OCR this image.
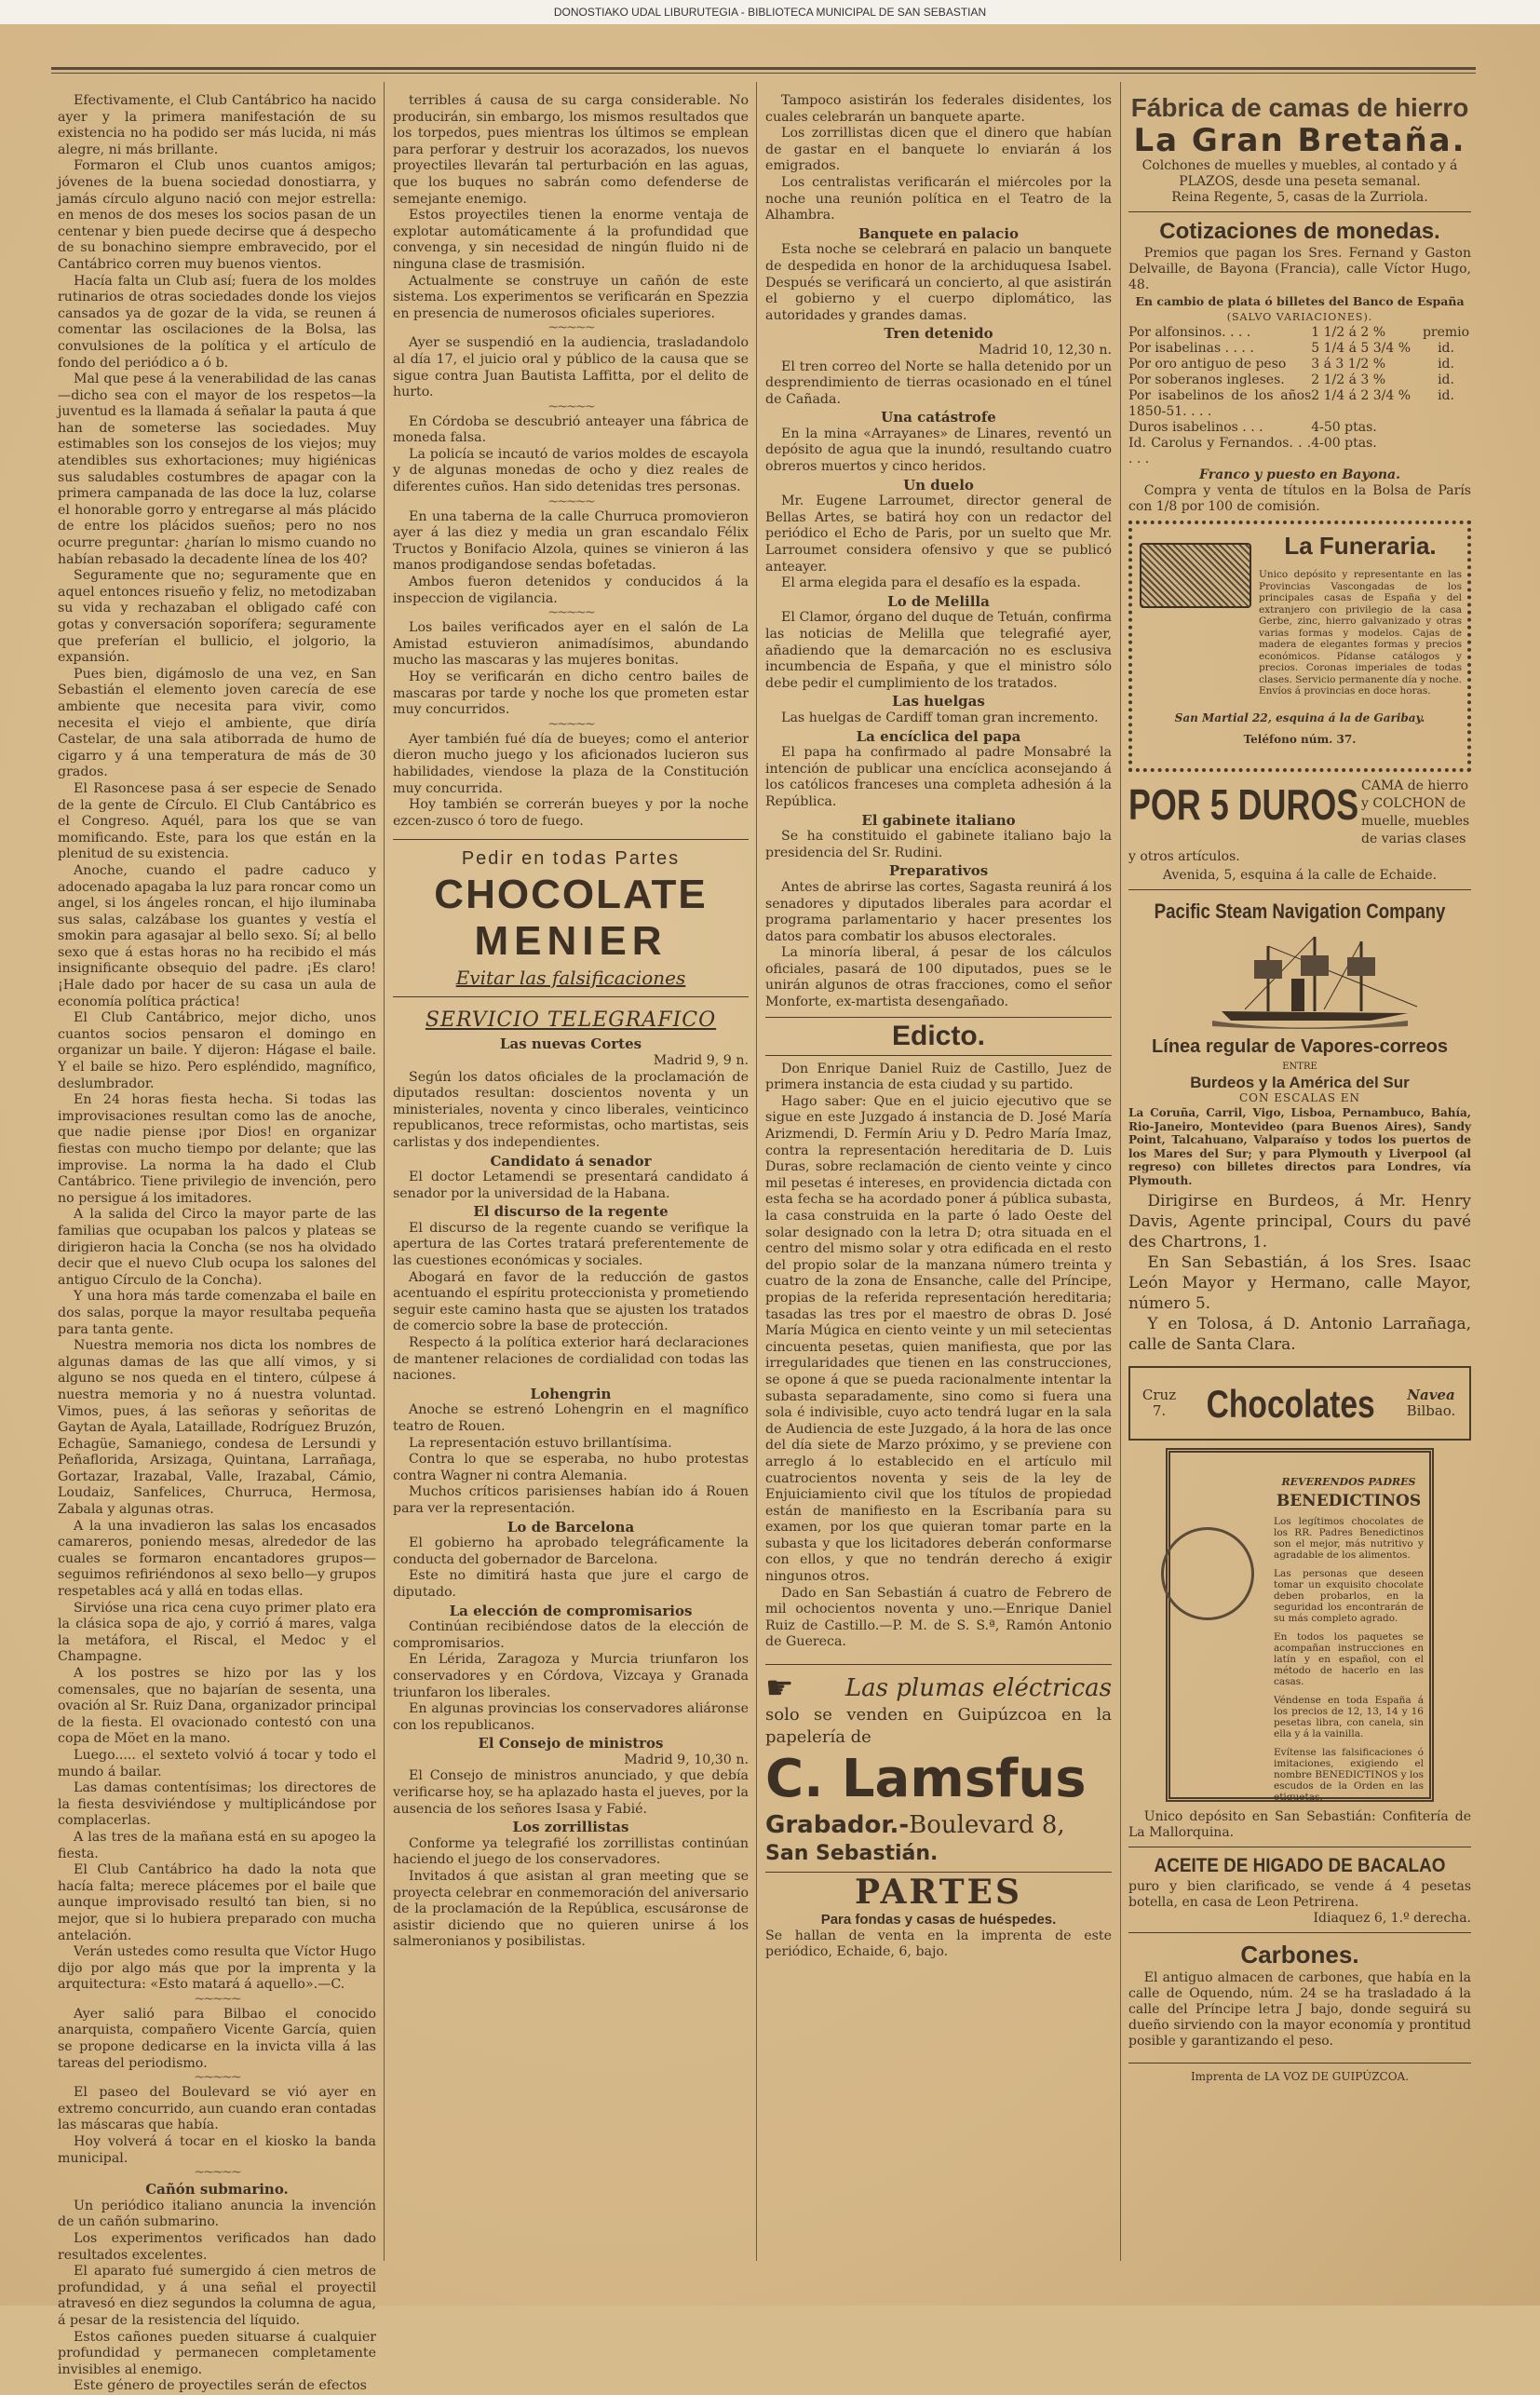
DONOSTIAKO UDAL LIBURUTEGIA - BIBLIOTECA MUNICIPAL DE SAN SEBASTIAN

Efectivamente, el Club Cantábrico ha nacido ayer y la primera manifestación de su existencia no ha podido ser más lucida, ni más alegre, ni más brillante.

Formaron el Club unos cuantos amigos; jóvenes de la buena sociedad donostiarra, y jamás círculo alguno nació con mejor estrella: en menos de dos meses los socios pasan de un centenar y bien puede decirse que á despecho de su bonachino siempre embravecido, por el Cantábrico corren muy buenos vientos.

Hacía falta un Club así; fuera de los moldes rutinarios de otras sociedades donde los viejos cansados ya de gozar de la vida, se reunen á comentar las oscilaciones de la Bolsa, las convulsiones de la política y el artículo de fondo del periódico a ó b.

Mal que pese á la venerabilidad de las canas —dicho sea con el mayor de los respetos—la juventud es la llamada á señalar la pauta á que han de someterse las sociedades. Muy estimables son los consejos de los viejos; muy atendibles sus exhortaciones; muy higiénicas sus saludables costumbres de apagar con la primera campanada de las doce la luz, colarse el honorable gorro y entregarse al más plácido de entre los plácidos sueños; pero no nos ocurre preguntar: ¿harían lo mismo cuando no habían rebasado la decadente línea de los 40?

Seguramente que no; seguramente que en aquel entonces risueño y feliz, no metodizaban su vida y rechazaban el obligado café con gotas y conversación soporífera; seguramente que preferían el bullicio, el jolgorio, la expansión.

Pues bien, digámoslo de una vez, en San Sebastián el elemento joven carecía de ese ambiente que necesita para vivir, como necesita el viejo el ambiente, que diría Castelar, de una sala atiborrada de humo de cigarro y á una temperatura de más de 30 grados.

El Rasoncese pasa á ser especie de Senado de la gente de Círculo. El Club Cantábrico es el Congreso. Aquél, para los que se van momificando. Este, para los que están en la plenitud de su existencia.

Anoche, cuando el padre caduco y adocenado apagaba la luz para roncar como un angel, si los ángeles roncan, el hijo iluminaba sus salas, calzábase los guantes y vestía el smokin para agasajar al bello sexo. Sí; al bello sexo que á estas horas no ha recibido el más insignificante obsequio del padre. ¡Es claro! ¡Hale dado por hacer de su casa un aula de economía política práctica!

El Club Cantábrico, mejor dicho, unos cuantos socios pensaron el domingo en organizar un baile. Y dijeron: Hágase el baile. Y el baile se hizo. Pero espléndido, magnífico, deslumbrador.

En 24 horas fiesta hecha. Si todas las improvisaciones resultan como las de anoche, que nadie piense ¡por Dios! en organizar fiestas con mucho tiempo por delante; que las improvise. La norma la ha dado el Club Cantábrico. Tiene privilegio de invención, pero no persigue á los imitadores.

A la salida del Circo la mayor parte de las familias que ocupaban los palcos y plateas se dirigieron hacia la Concha (se nos ha olvidado decir que el nuevo Club ocupa los salones del antiguo Círculo de la Concha).

Y una hora más tarde comenzaba el baile en dos salas, porque la mayor resultaba pequeña para tanta gente.

Nuestra memoria nos dicta los nombres de algunas damas de las que allí vimos, y si alguno se nos queda en el tintero, cúlpese á nuestra memoria y no á nuestra voluntad. Vimos, pues, á las señoras y señoritas de Gaytan de Ayala, Lataillade, Rodríguez Bruzón, Echagüe, Samaniego, condesa de Lersundi y Peñaflorida, Arsizaga, Quintana, Larrañaga, Gortazar, Irazabal, Valle, Irazabal, Cámio, Loudaiz, Sanfelices, Churruca, Hermosa, Zabala y algunas otras.

A la una invadieron las salas los encasados camareros, poniendo mesas, alrededor de las cuales se formaron encantadores grupos—seguimos refiriéndonos al sexo bello—y grupos respetables acá y allá en todas ellas.

Sirvióse una rica cena cuyo primer plato era la clásica sopa de ajo, y corrió á mares, valga la metáfora, el Riscal, el Medoc y el Champagne.

A los postres se hizo por las y los comensales, que no bajarían de sesenta, una ovación al Sr. Ruiz Dana, organizador principal de la fiesta. El ovacionado contestó con una copa de Möet en la mano.

Luego..... el sexteto volvió á tocar y todo el mundo á bailar.

Las damas contentísimas; los directores de la fiesta desviviéndose y multiplicándose por complacerlas.

A las tres de la mañana está en su apogeo la fiesta.

El Club Cantábrico ha dado la nota que hacía falta; merece plácemes por el baile que aunque improvisado resultó tan bien, si no mejor, que si lo hubiera preparado con mucha antelación.

Verán ustedes como resulta que Víctor Hugo dijo por algo más que por la imprenta y la arquitectura: «Esto matará á aquello».—C.

~~~~~

Ayer salió para Bilbao el conocido anarquista, compañero Vicente García, quien se propone dedicarse en la invicta villa á las tareas del periodismo.

~~~~~

El paseo del Boulevard se vió ayer en extremo concurrido, aun cuando eran contadas las máscaras que había.

Hoy volverá á tocar en el kiosko la banda municipal.

~~~~~

Cañón submarino.

Un periódico italiano anuncia la invención de un cañón submarino.

Los experimentos verificados han dado resultados excelentes.

El aparato fué sumergido á cien metros de profundidad, y á una señal el proyectil atravesó en diez segundos la columna de agua, á pesar de la resistencia del líquido.

Estos cañones pueden situarse á cualquier profundidad y permanecen completamente invisibles al enemigo.

Este género de proyectiles serán de efectos

terribles á causa de su carga considerable. No producirán, sin embargo, los mismos resultados que los torpedos, pues mientras los últimos se emplean para perforar y destruir los acorazados, los nuevos proyectiles llevarán tal perturbación en las aguas, que los buques no sabrán como defenderse de semejante enemigo.

Estos proyectiles tienen la enorme ventaja de explotar automáticamente á la profundidad que convenga, y sin necesidad de ningún fluido ni de ninguna clase de trasmisión.

Actualmente se construye un cañón de este sistema. Los experimentos se verificarán en Spezzia en presencia de numerosos oficiales superiores.

~~~~~

Ayer se suspendió en la audiencia, trasladandolo al día 17, el juicio oral y público de la causa que se sigue contra Juan Bautista Laffitta, por el delito de hurto.

~~~~~

En Córdoba se descubrió anteayer una fábrica de moneda falsa.

La policía se incautó de varios moldes de escayola y de algunas monedas de ocho y diez reales de diferentes cuños. Han sido detenidas tres personas.

~~~~~

En una taberna de la calle Churruca promovieron ayer á las diez y media un gran escandalo Félix Tructos y Bonifacio Alzola, quines se vinieron á las manos prodigandose sendas bofetadas.

Ambos fueron detenidos y conducidos á la inspeccion de vigilancia.

~~~~~

Los bailes verificados ayer en el salón de La Amistad estuvieron animadísimos, abundando mucho las mascaras y las mujeres bonitas.

Hoy se verificarán en dicho centro bailes de mascaras por tarde y noche los que prometen estar muy concurridos.

~~~~~

Ayer también fué día de bueyes; como el anterior dieron mucho juego y los aficionados lucieron sus habilidades, viendose la plaza de la Constitución muy concurrida.

Hoy también se correrán bueyes y por la noche ezcen-zusco ó toro de fuego.

Pedir en todas Partes
CHOCOLATE
MENIER
Evitar las falsificaciones

SERVICIO TELEGRAFICO

Las nuevas Cortes

Madrid 9, 9 n.

Según los datos oficiales de la proclamación de diputados resultan: doscientos noventa y un ministeriales, noventa y cinco liberales, veinticinco republicanos, trece reformistas, ocho martistas, seis carlistas y dos independientes.

Candidato á senador

El doctor Letamendi se presentará candidato á senador por la universidad de la Habana.

El discurso de la regente

El discurso de la regente cuando se verifique la apertura de las Cortes tratará preferentemente de las cuestiones económicas y sociales.

Abogará en favor de la reducción de gastos acentuando el espíritu proteccionista y prometiendo seguir este camino hasta que se ajusten los tratados de comercio sobre la base de protección.

Respecto á la política exterior hará declaraciones de mantener relaciones de cordialidad con todas las naciones.

Lohengrin

Anoche se estrenó Lohengrin en el magnífico teatro de Rouen.

La representación estuvo brillantísima.

Contra lo que se esperaba, no hubo protestas contra Wagner ni contra Alemania.

Muchos críticos parisienses habían ido á Rouen para ver la representación.

Lo de Barcelona

El gobierno ha aprobado telegráficamente la conducta del gobernador de Barcelona.

Este no dimitirá hasta que jure el cargo de diputado.

La elección de compromisarios

Continúan recibiéndose datos de la elección de compromisarios.

En Lérida, Zaragoza y Murcia triunfaron los conservadores y en Córdova, Vizcaya y Granada triunfaron los liberales.

En algunas provincias los conservadores aliáronse con los republicanos.

El Consejo de ministros

Madrid 9, 10,30 n.

El Consejo de ministros anunciado, y que debía verificarse hoy, se ha aplazado hasta el jueves, por la ausencia de los señores Isasa y Fabié.

Los zorrillistas

Conforme ya telegrafié los zorrillistas continúan haciendo el juego de los conservadores.

Invitados á que asistan al gran meeting que se proyecta celebrar en conmemoración del aniversario de la proclamación de la República, escusáronse de asistir diciendo que no quieren unirse á los salmeronianos y posibilistas.

Tampoco asistirán los federales disidentes, los cuales celebrarán un banquete aparte.

Los zorrillistas dicen que el dinero que habían de gastar en el banquete lo enviarán á los emigrados.

Los centralistas verificarán el miércoles por la noche una reunión política en el Teatro de la Alhambra.

Banquete en palacio

Esta noche se celebrará en palacio un banquete de despedida en honor de la archiduquesa Isabel. Después se verificará un concierto, al que asistirán el gobierno y el cuerpo diplomático, las autoridades y grandes damas.

Tren detenido

Madrid 10, 12,30 n.

El tren correo del Norte se halla detenido por un desprendimiento de tierras ocasionado en el túnel de Cañada.

Una catástrofe

En la mina «Arrayanes» de Linares, reventó un depósito de agua que la inundó, resultando cuatro obreros muertos y cinco heridos.

Un duelo

Mr. Eugene Larroumet, director general de Bellas Artes, se batirá hoy con un redactor del periódico el Echo de Paris, por un suelto que Mr. Larroumet considera ofensivo y que se publicó anteayer.

El arma elegida para el desafío es la espada.

Lo de Melilla

El Clamor, órgano del duque de Tetuán, confirma las noticias de Melilla que telegrafié ayer, añadiendo que la demarcación no es esclusiva incumbencia de España, y que el ministro sólo debe pedir el cumplimiento de los tratados.

Las huelgas

Las huelgas de Cardiff toman gran incremento.

La encíclica del papa

El papa ha confirmado al padre Monsabré la intención de publicar una encíclica aconsejando á los católicos franceses una completa adhesión á la República.

El gabinete italiano

Se ha constituido el gabinete italiano bajo la presidencia del Sr. Rudini.

Preparativos

Antes de abrirse las cortes, Sagasta reunirá á los senadores y diputados liberales para acordar el programa parlamentario y hacer presentes los datos para combatir los abusos electorales.

La minoría liberal, á pesar de los cálculos oficiales, pasará de 100 diputados, pues se le unirán algunos de otras fracciones, como el señor Monforte, ex-martista desengañado.

Edicto.

Don Enrique Daniel Ruiz de Castillo, Juez de primera instancia de esta ciudad y su partido.

Hago saber: Que en el juicio ejecutivo que se sigue en este Juzgado á instancia de D. José María Arizmendi, D. Fermín Ariu y D. Pedro María Imaz, contra la representación hereditaria de D. Luis Duras, sobre reclamación de ciento veinte y cinco mil pesetas é intereses, en providencia dictada con esta fecha se ha acordado poner á pública subasta, la casa construida en la parte ó lado Oeste del solar designado con la letra D; otra situada en el centro del mismo solar y otra edificada en el resto del propio solar de la manzana número treinta y cuatro de la zona de Ensanche, calle del Príncipe, propias de la referida representación hereditaria; tasadas las tres por el maestro de obras D. José María Múgica en ciento veinte y un mil setecientas cincuenta pesetas, quien manifiesta, que por las irregularidades que tienen en las construcciones, se opone á que se pueda racionalmente intentar la subasta separadamente, sino como si fuera una sola é indivisible, cuyo acto tendrá lugar en la sala de Audiencia de este Juzgado, á la hora de las once del día siete de Marzo próximo, y se previene con arreglo á lo establecido en el artículo mil cuatrocientos noventa y seis de la ley de Enjuiciamiento civil que los títulos de propiedad están de manifiesto en la Escribanía para su examen, por los que quieran tomar parte en la subasta y que los licitadores deberán conformarse con ellos, y que no tendrán derecho á exigir ningunos otros.

Dado en San Sebastián á cuatro de Febrero de mil ochocientos noventa y uno.—Enrique Daniel Ruiz de Castillo.—P. M. de S. S.ª, Ramón Antonio de Guereca.

☛ Las plumas eléctricas

solo se venden en Guipúzcoa en la papelería de

C. Lamsfus
Grabador.-Boulevard 8,
San Sebastián.
PARTES
Para fondas y casas de huéspedes.

Se hallan de venta en la imprenta de este periódico, Echaide, 6, bajo.

Fábrica de camas de hierro
La Gran Bretaña.

Colchones de muelles y muebles, al contado y á PLAZOS, desde una peseta semanal.

Reina Regente, 5, casas de la Zurriola.

Cotizaciones de monedas.

Premios que pagan los Sres. Fernand y Gaston Delvaille, de Bayona (Francia), calle Víctor Hugo, 48.

En cambio de plata ó billetes del Banco de España

(SALVO VARIACIONES).

Por alfonsinos. . . .	1 1/2 á 2 %	premio
Por isabelinas . . . .	5 1/4 á 5 3/4 %	id.
Por oro antiguo de peso	3 á 3 1/2 %	id.
Por soberanos ingleses.	2 1/2 á 3 %	id.
Por isabelinos de los años 1850-51. . . .
2 1/4 á 2 3/4 %	id.
Duros isabelinos . . .	4-50 ptas.
Id. Carolus y Fernandos. . . . . .
4-00 ptas.

Franco y puesto en Bayona.

Compra y venta de títulos en la Bolsa de París con 1/8 por 100 de comisión.

La Funeraria.

Unico depósito y representante en las Provincias Vascongadas de los principales casas de España y del extranjero con privilegio de la casa Gerbe, zinc, hierro galvanizado y otras varias formas y modelos. Cajas de madera de elegantes formas y precios económicos. Pídanse catálogos y precios. Coronas imperiales de todas clases. Servicio permanente día y noche. Envíos á provincias en doce horas.

San Martial 22, esquina á la de Garibay.

Teléfono núm. 37.

POR 5 DUROS CAMA de hierro y COLCHON de muelle, muebles de varias clases y otros artículos.

Avenida, 5, esquina á la calle de Echaide.

Pacific Steam Navigation Company
Línea regular de Vapores-correos

ENTRE

Burdeos y la América del Sur

CON ESCALAS EN

La Coruña, Carril, Vigo, Lisboa, Pernambuco, Bahía, Rio-Janeiro, Montevideo (para Buenos Aires), Sandy Point, Talcahuano, Valparaíso y todos los puertos de los Mares del Sur; y para Plymouth y Liverpool (al regreso) con billetes directos para Londres, vía Plymouth.

Dirigirse en Burdeos, á Mr. Henry Davis, Agente principal, Cours du pavé des Chartrons, 1.

En San Sebastián, á los Sres. Isaac León Mayor y Hermano, calle Mayor, número 5.

Y en Tolosa, á D. Antonio Larrañaga, calle de Santa Clara.

Cruz 7.	Chocolates	Navea
Bilbao.

REVERENDOS PADRES

BENEDICTINOS

Los legítimos chocolates de los RR. Padres Benedictinos son el mejor, más nutritivo y agradable de los alimentos.

Las personas que deseen tomar un exquisito chocolate deben probarlos, en la seguridad los encontrarán de su más completo agrado.

En todos los paquetes se acompañan instrucciones en latín y en español, con el método de hacerlo en las casas.

Véndense en toda España á los precios de 12, 13, 14 y 16 pesetas libra, con canela, sin ella y á la vainilla.

Evítense las falsificaciones ó imitaciones, exigiendo el nombre BENEDICTINOS y los escudos de la Orden en las etiquetas.

Unico depósito en San Sebastián: Confitería de La Mallorquina.

ACEITE DE HIGADO DE BACALAO

puro y bien clarificado, se vende á 4 pesetas botella, en casa de Leon Petrirena.

Idiaquez 6, 1.º derecha.

Carbones.

El antiguo almacen de carbones, que había en la calle de Oquendo, núm. 24 se ha trasladado á la calle del Príncipe letra J bajo, donde seguirá su dueño sirviendo con la mayor economía y prontitud posible y garantizando el peso.

Imprenta de LA VOZ DE GUIPÚZCOA.
